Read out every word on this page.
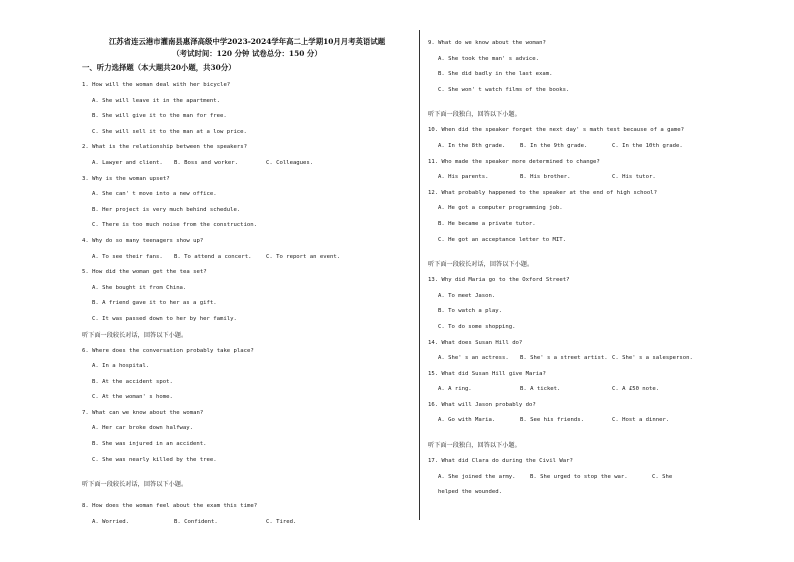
江苏省连云港市灌南县惠泽高级中学2023-2024学年高二上学期10月月考英语试题
（考试时间：120 分钟 试卷总分：150 分）
一、听力选择题（本大题共20小题，共30分）
1. How will the woman deal with her bicycle?
A. She will leave it in the apartment.
B. She will give it to the man for free.
C. She will sell it to the man at a low price.
2. What is the relationship between the speakers?
A. Lawyer and client.	B. Boss and worker.	C. Colleagues.
3. Why is the woman upset?
A. She can' t move into a new office.
B. Her project is very much behind schedule.
C. There is too much noise from the construction.
4. Why do so many teenagers show up?
A. To see their fans.	B. To attend a concert.	C. To report an event.
5. How did the woman get the tea set?
A. She bought it from China.
B. A friend gave it to her as a gift.
C. It was passed down to her by her family.
听下面一段较长对话，回答以下小题。
6. Where does the conversation probably take place?
A. In a hospital.
B. At the accident spot.
C. At the woman' s home.
7. What can we know about the woman?
A. Her car broke down halfway.
B. She was injured in an accident.
C. She was nearly killed by the tree.
听下面一段较长对话，回答以下小题。
8. How does the woman feel about the exam this time?
A. Worried.	B. Confident.	C. Tired.
9. What do we know about the woman?
A. She took the man' s advice.
B. She did badly in the last exam.
C. She won' t watch films of the books.
听下面一段独白，回答以下小题。
10. When did the speaker forget the next day' s math test because of a game?
A. In the 8th grade.	B. In the 9th grade.	C. In the 10th grade.
11. Who made the speaker more determined to change?
A. His parents.	B. His brother.	C. His tutor.
12. What probably happened to the speaker at the end of high school?
A. He got a computer programming job.
B. He became a private tutor.
C. He got an acceptance letter to MIT.
听下面一段较长对话，回答以下小题。
13. Why did Maria go to the Oxford Street?
A. To meet Jason.
B. To watch a play.
C. To do some shopping.
14. What does Susan Hill do?
A. She' s an actress.	B. She' s a street artist. C. She' s a salesperson.
15. What did Susan Hill give Maria?
A. A ring.	B. A ticket.	C. A £50 note.
16. What will Jason probably do?
A. Go with Maria.	B. See his friends.	C. Host a dinner.
听下面一段独白，回答以下小题。
17. What did Clara do during the Civil War?
A. She joined the army.	B. She urged to stop the war.	C. She
helped the wounded.
